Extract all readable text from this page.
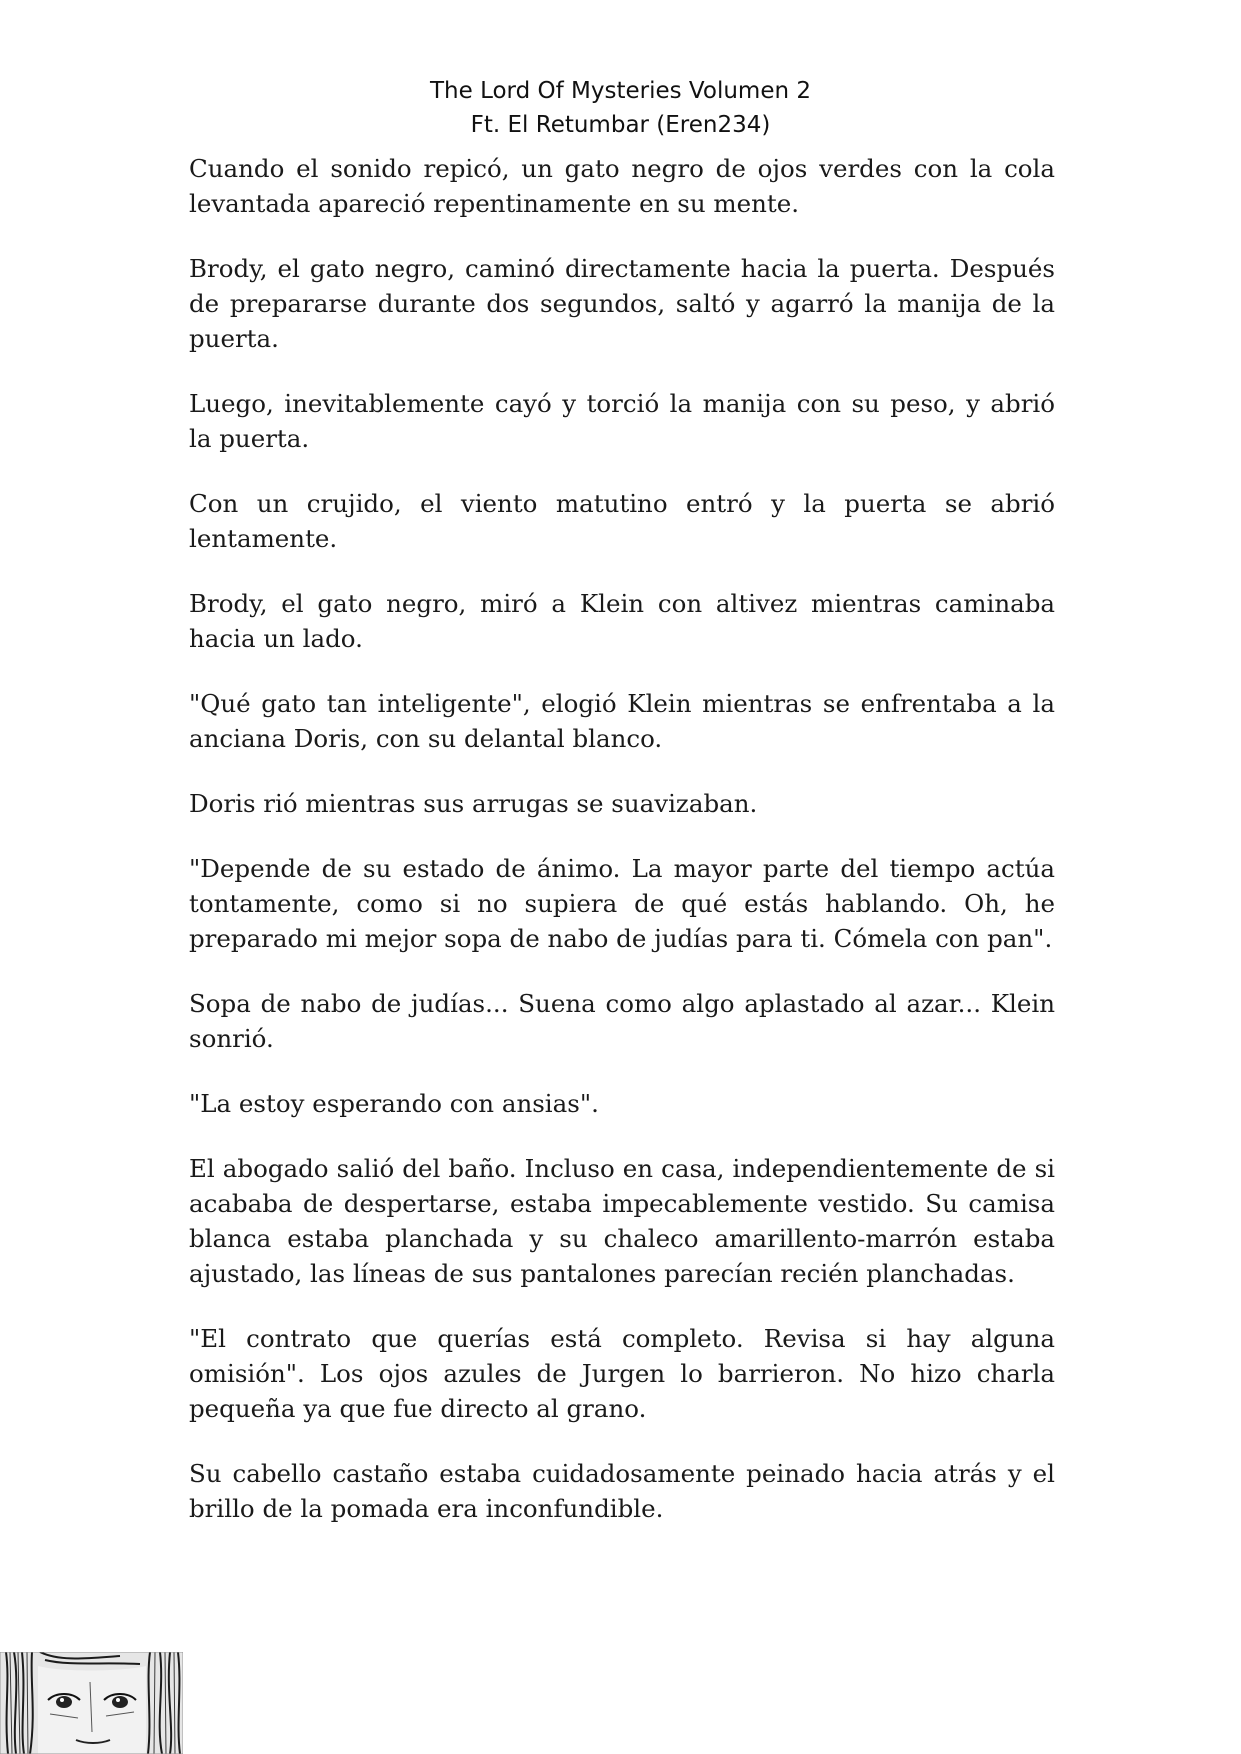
The Lord Of Mysteries Volumen 2
Ft. El Retumbar (Eren234)

Cuando el sonido repicó, un gato negro de ojos verdes con la cola levantada apareció repentinamente en su mente.

Brody, el gato negro, caminó directamente hacia la puerta. Después de prepararse durante dos segundos, saltó y agarró la manija de la puerta.

Luego, inevitablemente cayó y torció la manija con su peso, y abrió la puerta.

Con un crujido, el viento matutino entró y la puerta se abrió lentamente.

Brody, el gato negro, miró a Klein con altivez mientras caminaba hacia un lado.

"Qué gato tan inteligente", elogió Klein mientras se enfrentaba a la anciana Doris, con su delantal blanco.

Doris rió mientras sus arrugas se suavizaban.

"Depende de su estado de ánimo. La mayor parte del tiempo actúa tontamente, como si no supiera de qué estás hablando. Oh, he preparado mi mejor sopa de nabo de judías para ti. Cómela con pan".

Sopa de nabo de judías... Suena como algo aplastado al azar... Klein sonrió.

"La estoy esperando con ansias".

El abogado salió del baño. Incluso en casa, independientemente de si acababa de despertarse, estaba impecablemente vestido. Su camisa blanca estaba planchada y su chaleco amarillento-marrón estaba ajustado, las líneas de sus pantalones parecían recién planchadas.

"El contrato que querías está completo. Revisa si hay alguna omisión". Los ojos azules de Jurgen lo barrieron. No hizo charla pequeña ya que fue directo al grano.

Su cabello castaño estaba cuidadosamente peinado hacia atrás y el brillo de la pomada era inconfundible.
